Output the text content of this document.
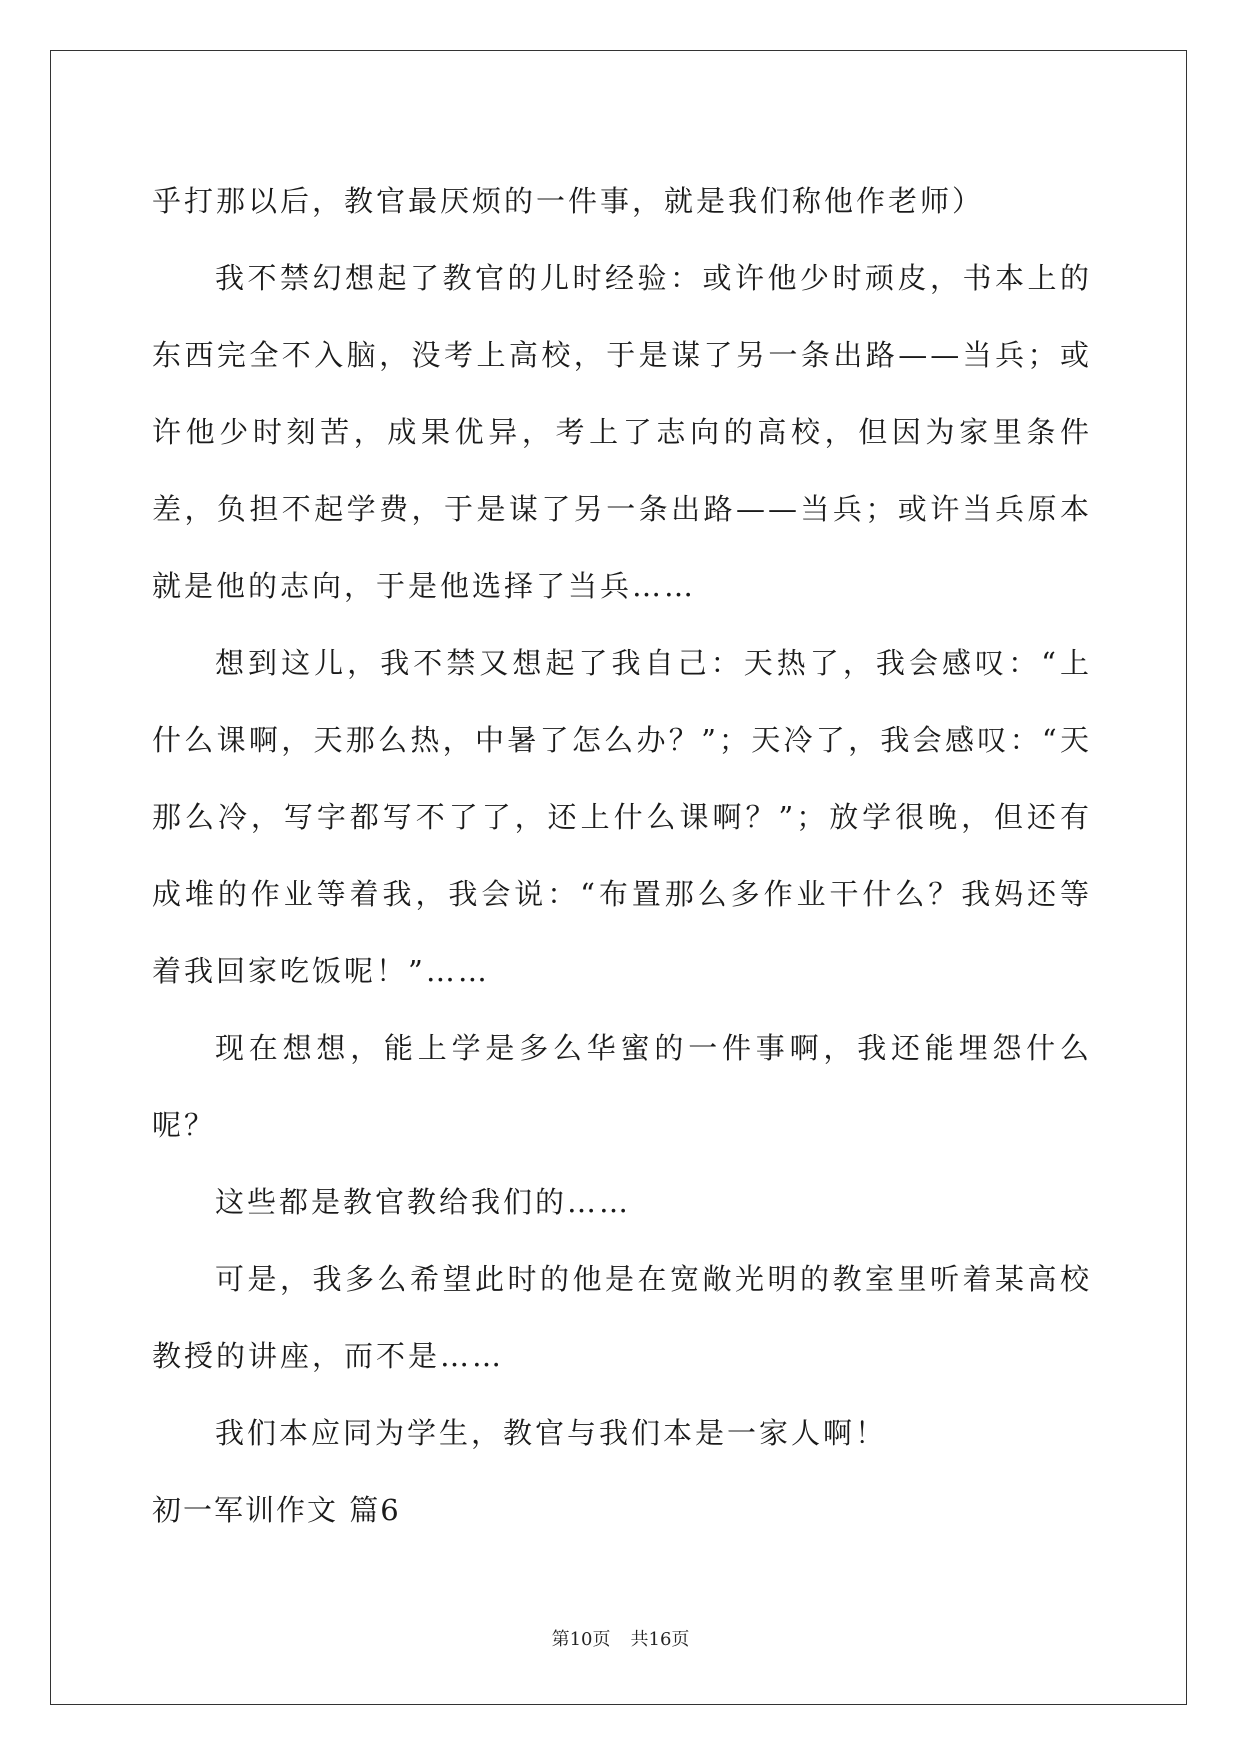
乎打那以后，教官最厌烦的一件事，就是我们称他作老师）

我不禁幻想起了教官的儿时经验：或许他少时顽皮，书本上的东西完全不入脑，没考上高校，于是谋了另一条出路——当兵；或许他少时刻苦，成果优异，考上了志向的高校，但因为家里条件差，负担不起学费，于是谋了另一条出路——当兵；或许当兵原本就是他的志向，于是他选择了当兵……

想到这儿，我不禁又想起了我自己：天热了，我会感叹：“上什么课啊，天那么热，中暑了怎么办？”；天冷了，我会感叹：“天那么冷，写字都写不了了，还上什么课啊？”；放学很晚，但还有成堆的作业等着我，我会说：“布置那么多作业干什么？我妈还等着我回家吃饭呢！”……

现在想想，能上学是多么华蜜的一件事啊，我还能埋怨什么呢？

这些都是教官教给我们的……

可是，我多么希望此时的他是在宽敞光明的教室里听着某高校教授的讲座，而不是……

我们本应同为学生，教官与我们本是一家人啊！

初一军训作文 篇6

第10页 共16页
